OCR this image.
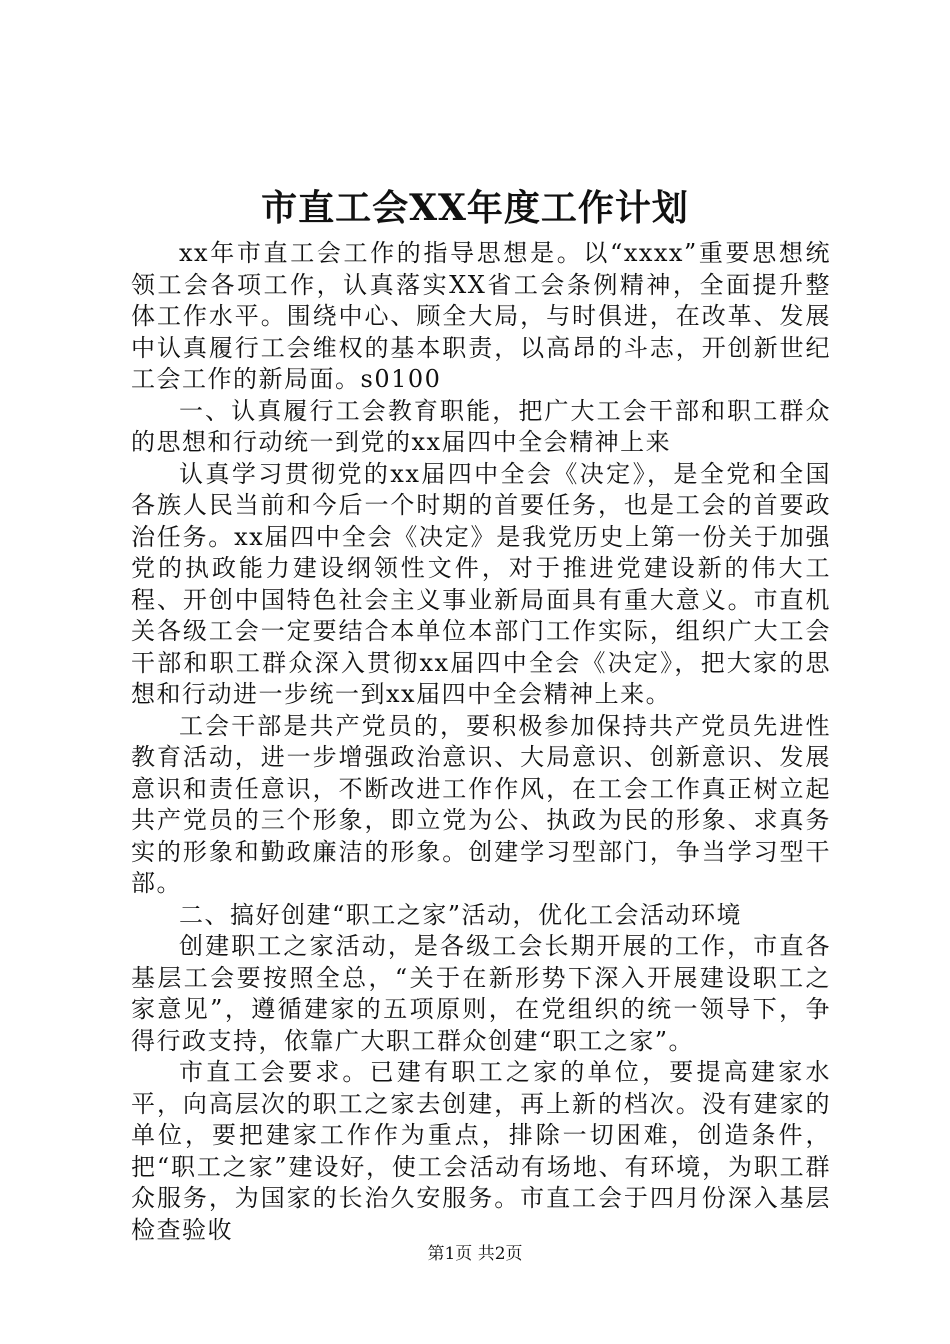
市直工会XX年度工作计划

xx年市直工会工作的指导思想是。以“xxxx”重要思想统领工会各项工作，认真落实XX省工会条例精神，全面提升整体工作水平。围绕中心、顾全大局，与时俱进，在改革、发展中认真履行工会维权的基本职责，以高昂的斗志，开创新世纪工会工作的新局面。s0100

一、认真履行工会教育职能，把广大工会干部和职工群众的思想和行动统一到党的xx届四中全会精神上来

认真学习贯彻党的xx届四中全会《决定》，是全党和全国各族人民当前和今后一个时期的首要任务，也是工会的首要政治任务。xx届四中全会《决定》是我党历史上第一份关于加强党的执政能力建设纲领性文件，对于推进党建设新的伟大工程、开创中国特色社会主义事业新局面具有重大意义。市直机关各级工会一定要结合本单位本部门工作实际，组织广大工会干部和职工群众深入贯彻xx届四中全会《决定》，把大家的思想和行动进一步统一到xx届四中全会精神上来。

工会干部是共产党员的，要积极参加保持共产党员先进性教育活动，进一步增强政治意识、大局意识、创新意识、发展意识和责任意识，不断改进工作作风，在工会工作真正树立起共产党员的三个形象，即立党为公、执政为民的形象、求真务实的形象和勤政廉洁的形象。创建学习型部门，争当学习型干部。

二、搞好创建“职工之家”活动，优化工会活动环境

创建职工之家活动，是各级工会长期开展的工作，市直各基层工会要按照全总，“关于在新形势下深入开展建设职工之家意见”，遵循建家的五项原则，在党组织的统一领导下，争得行政支持，依靠广大职工群众创建“职工之家”。

市直工会要求。已建有职工之家的单位，要提高建家水平，向高层次的职工之家去创建，再上新的档次。没有建家的单位，要把建家工作作为重点，排除一切困难，创造条件，把“职工之家”建设好，使工会活动有场地、有环境，为职工群众服务，为国家的长治久安服务。市直工会于四月份深入基层检查验收

第1页 共2页
